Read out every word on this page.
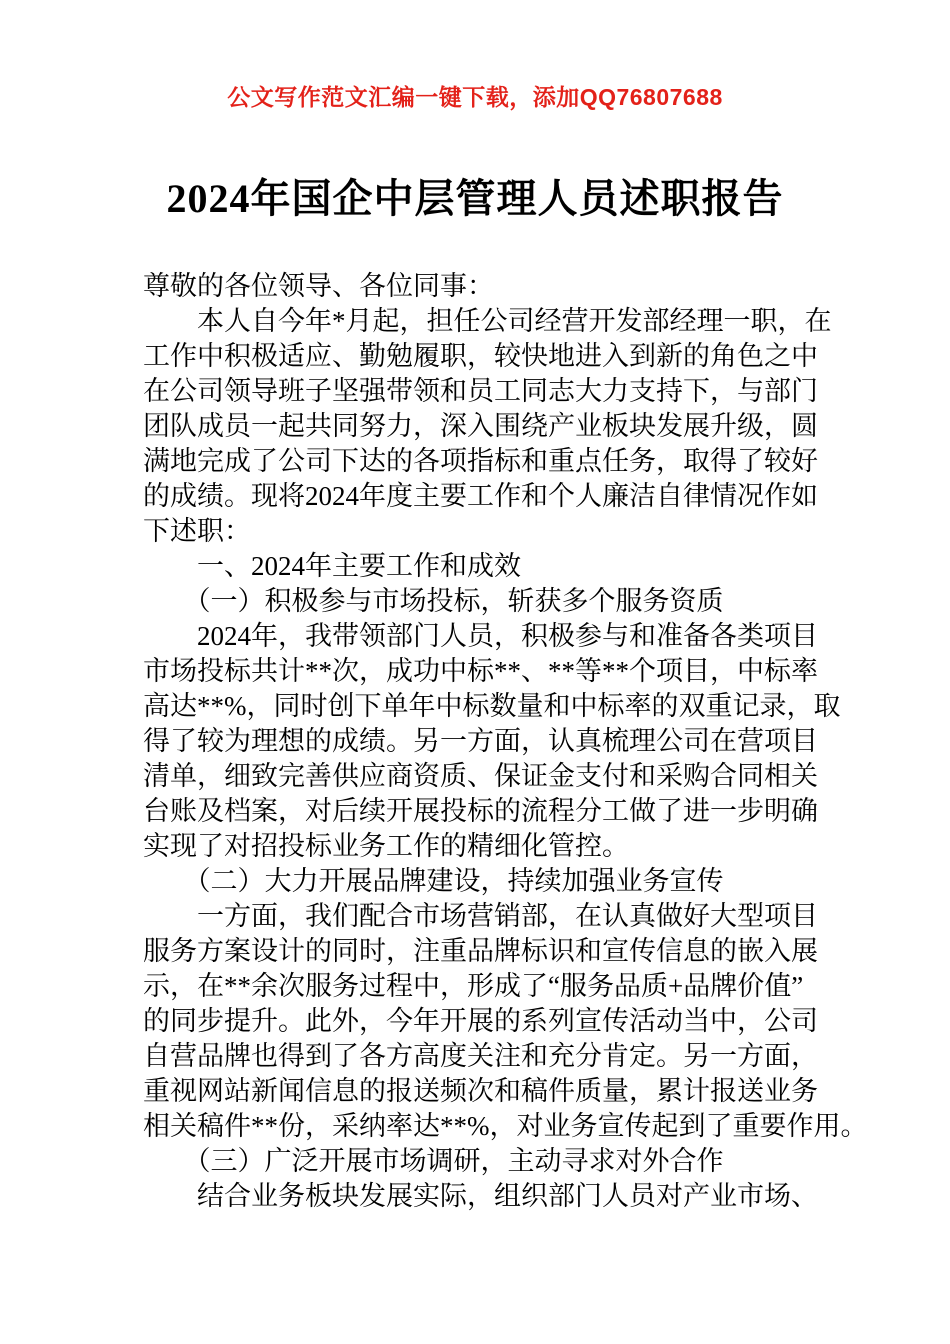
公文写作范文汇编一键下载，添加QQ76807688
2024年国企中层管理人员述职报告
尊敬的各位领导、各位同事：
　　本人自今年*月起，担任公司经营开发部经理一职，在
工作中积极适应、勤勉履职，较快地进入到新的角色之中
在公司领导班子坚强带领和员工同志大力支持下，与部门
团队成员一起共同努力，深入围绕产业板块发展升级，圆
满地完成了公司下达的各项指标和重点任务，取得了较好
的成绩。现将2024年度主要工作和个人廉洁自律情况作如
下述职：
　　一、2024年主要工作和成效
　　（一）积极参与市场投标，斩获多个服务资质
　　2024年，我带领部门人员，积极参与和准备各类项目
市场投标共计**次，成功中标**、**等**个项目，中标率
高达**%，同时创下单年中标数量和中标率的双重记录，取
得了较为理想的成绩。另一方面，认真梳理公司在营项目
清单，细致完善供应商资质、保证金支付和采购合同相关
台账及档案，对后续开展投标的流程分工做了进一步明确
实现了对招投标业务工作的精细化管控。
　　（二）大力开展品牌建设，持续加强业务宣传
　　一方面，我们配合市场营销部，在认真做好大型项目
服务方案设计的同时，注重品牌标识和宣传信息的嵌入展
示，在**余次服务过程中，形成了“服务品质+品牌价值”
的同步提升。此外，今年开展的系列宣传活动当中，公司
自营品牌也得到了各方高度关注和充分肯定。另一方面，
重视网站新闻信息的报送频次和稿件质量，累计报送业务
相关稿件**份，采纳率达**%，对业务宣传起到了重要作用。
　　（三）广泛开展市场调研，主动寻求对外合作
　　结合业务板块发展实际，组织部门人员对产业市场、
